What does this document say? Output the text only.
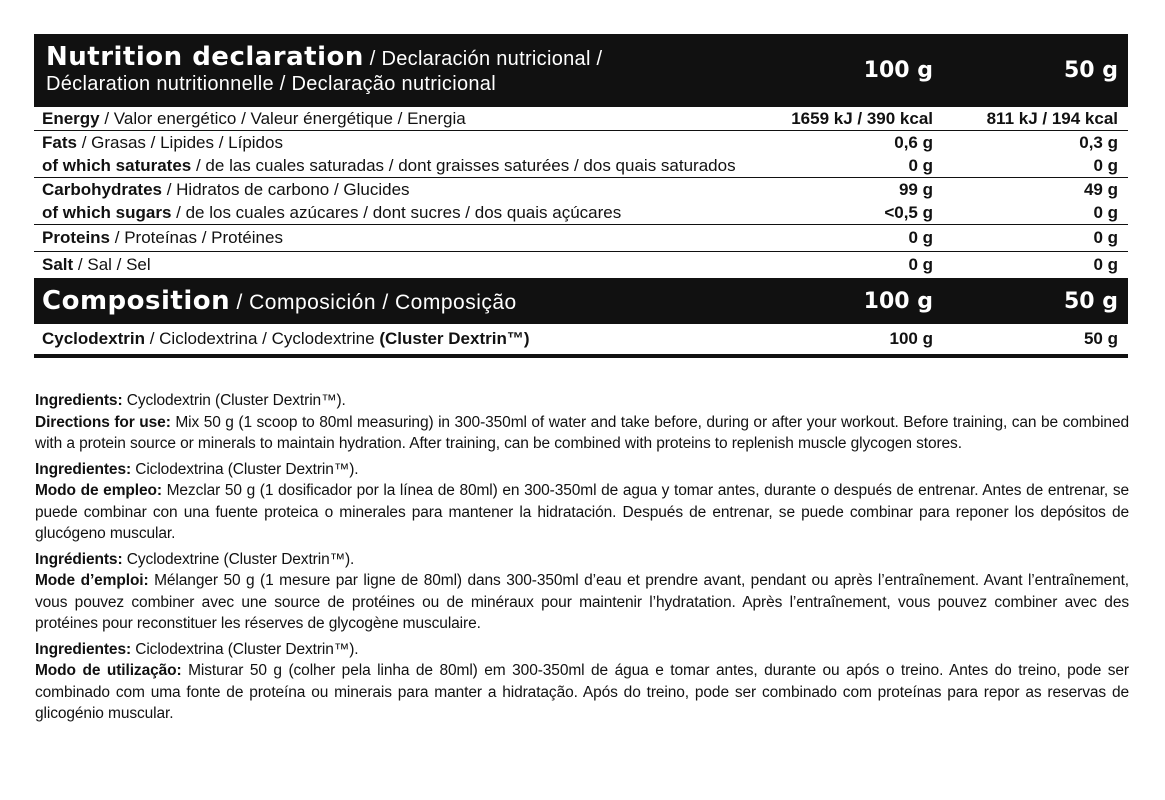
Nutrition declaration / Declaración nutricional /
Déclaration nutritionnelle / Declaração nutricional
100 g	50 g
Energy / Valor energético / Valeur énergétique / Energia	1659 kJ / 390 kcal	811 kJ / 194 kcal
Fats / Grasas / Lipides / Lípidos	0,6 g	0,3 g
of which saturates / de las cuales saturadas / dont graisses saturées / dos quais saturados	0 g	0 g
Carbohydrates / Hidratos de carbono / Glucides	99 g	49 g
of which sugars / de los cuales azúcares / dont sucres / dos quais açúcares	<0,5 g	0 g
Proteins / Proteínas / Protéines	0 g	0 g
Salt / Sal / Sel	0 g	0 g
Composition / Composición / Composição	100 g	50 g
Cyclodextrin / Ciclodextrina / Cyclodextrine (Cluster Dextrin™)	100 g	50 g

Ingredients: Cyclodextrin (Cluster Dextrin™).
Directions for use: Mix 50 g (1 scoop to 80ml measuring) in 300-350ml of water and take before, during or after your workout. Before training, can be combined with a protein source or minerals to maintain hydration. After training, can be combined with proteins to replenish muscle glycogen stores.

Ingredientes: Ciclodextrina (Cluster Dextrin™).
Modo de empleo: Mezclar 50 g (1 dosificador por la línea de 80ml) en 300-350ml de agua y tomar antes, durante o después de entrenar. Antes de entrenar, se puede combinar con una fuente proteica o minerales para mantener la hidratación. Después de entrenar, se puede combinar para reponer los depósitos de glucógeno muscular.

Ingrédients: Cyclodextrine (Cluster Dextrin™).
Mode d’emploi: Mélanger 50 g (1 mesure par ligne de 80ml) dans 300-350ml d’eau et prendre avant, pendant ou après l’entraînement. Avant l’entraînement, vous pouvez combiner avec une source de protéines ou de minéraux pour maintenir l’hydratation. Après l’entraînement, vous pouvez combiner avec des protéines pour reconstituer les réserves de glycogène musculaire.

Ingredientes: Ciclodextrina (Cluster Dextrin™).
Modo de utilização: Misturar 50 g (colher pela linha de 80ml) em 300-350ml de água e tomar antes, durante ou após o treino. Antes do treino, pode ser combinado com uma fonte de proteína ou minerais para manter a hidratação. Após do treino, pode ser combinado com proteínas para repor as reservas de glicogénio muscular.
